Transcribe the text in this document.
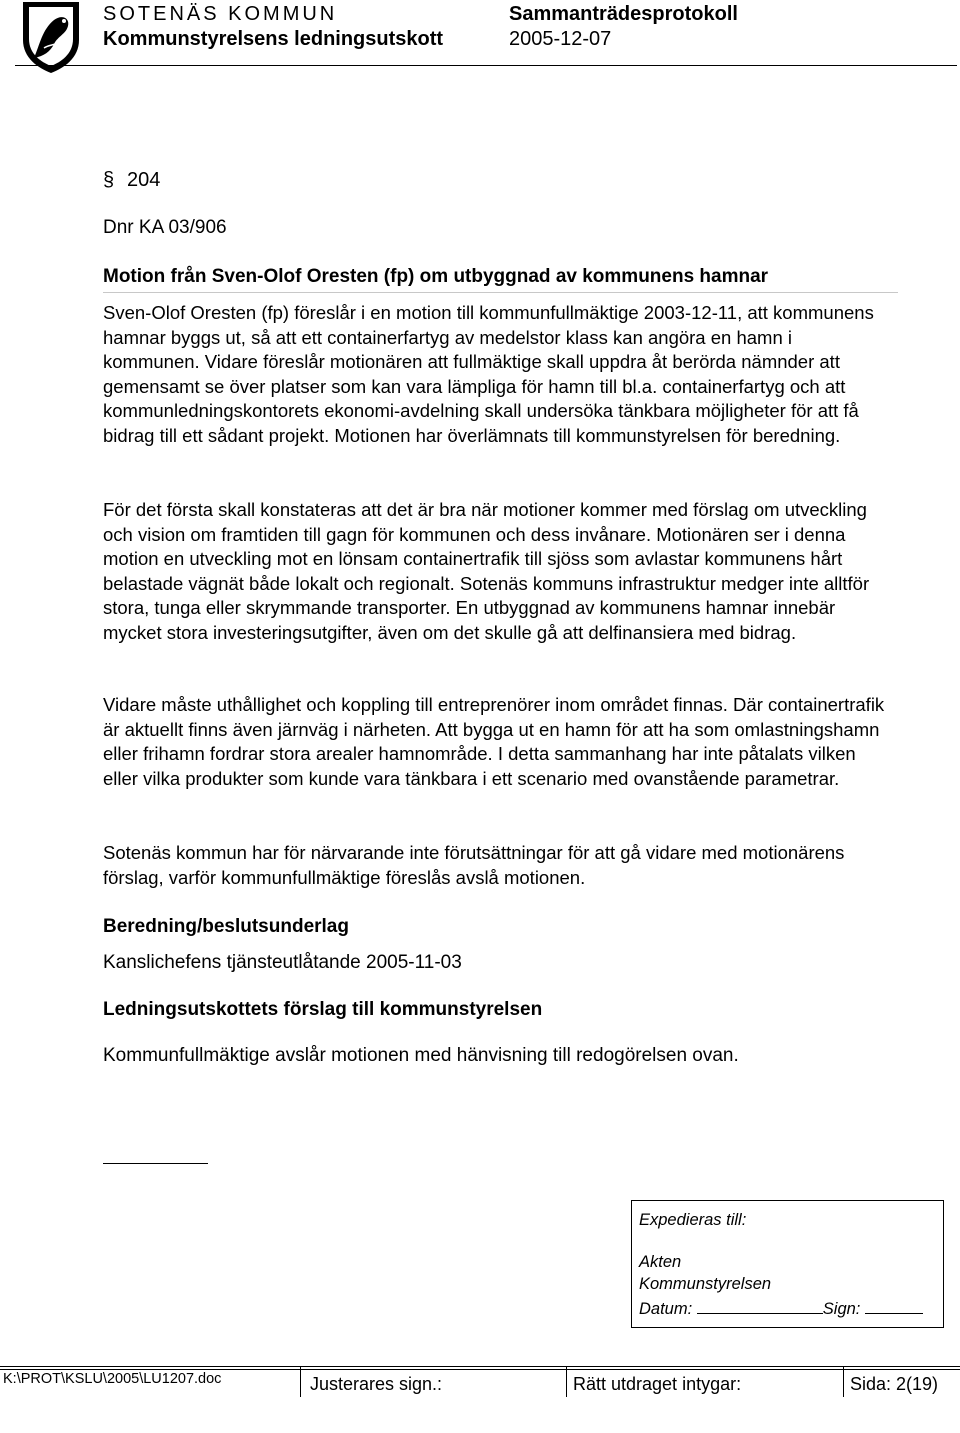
SOTENÄS KOMMUN
Kommunstyrelsens ledningsutskott
Sammanträdesprotokoll
2005-12-07
§ 204
Dnr KA 03/906
Motion från Sven-Olof Oresten (fp) om utbyggnad av kommunens hamnar

Sven-Olof Oresten (fp) föreslår i en motion till kommunfullmäktige 2003-12-11, att kommunens hamnar byggs ut, så att ett containerfartyg av medelstor klass kan angöra en hamn i kommunen. Vidare föreslår motionären att fullmäktige skall uppdra åt berörda nämnder att gemensamt se över platser som kan vara lämpliga för hamn till bl.a. containerfartyg och att kommunledningskontorets ekonomi-avdelning skall undersöka tänkbara möjligheter för att få bidrag till ett sådant projekt. Motionen har överlämnats till kommunstyrelsen för beredning.

För det första skall konstateras att det är bra när motioner kommer med förslag om utveckling och vision om framtiden till gagn för kommunen och dess invånare. Motionären ser i denna motion en utveckling mot en lönsam containertrafik till sjöss som avlastar kommunens hårt belastade vägnät både lokalt och regionalt. Sotenäs kommuns infrastruktur medger inte alltför stora, tunga eller skrymmande transporter. En utbyggnad av kommunens hamnar innebär mycket stora investeringsutgifter, även om det skulle gå att delfinansiera med bidrag.

Vidare måste uthållighet och koppling till entreprenörer inom området finnas. Där containertrafik är aktuellt finns även järnväg i närheten. Att bygga ut en hamn för att ha som omlastningshamn eller frihamn fordrar stora arealer hamnområde. I detta sammanhang har inte påtalats vilken eller vilka produkter som kunde vara tänkbara i ett scenario med ovanstående parametrar.

Sotenäs kommun har för närvarande inte förutsättningar för att gå vidare med motionärens förslag, varför kommunfullmäktige föreslås avslå motionen.

Beredning/beslutsunderlag
Kanslichefens tjänsteutlåtande 2005-11-03
Ledningsutskottets förslag till kommunstyrelsen
Kommunfullmäktige avslår motionen med hänvisning till redogörelsen ovan.
Expedieras till:
Akten
Kommunstyrelsen
Datum:	Sign:
K:\PROT\KSLU\2005\LU1207.doc	Justerares sign.:	Rätt utdraget intygar:	Sida: 2(19)
